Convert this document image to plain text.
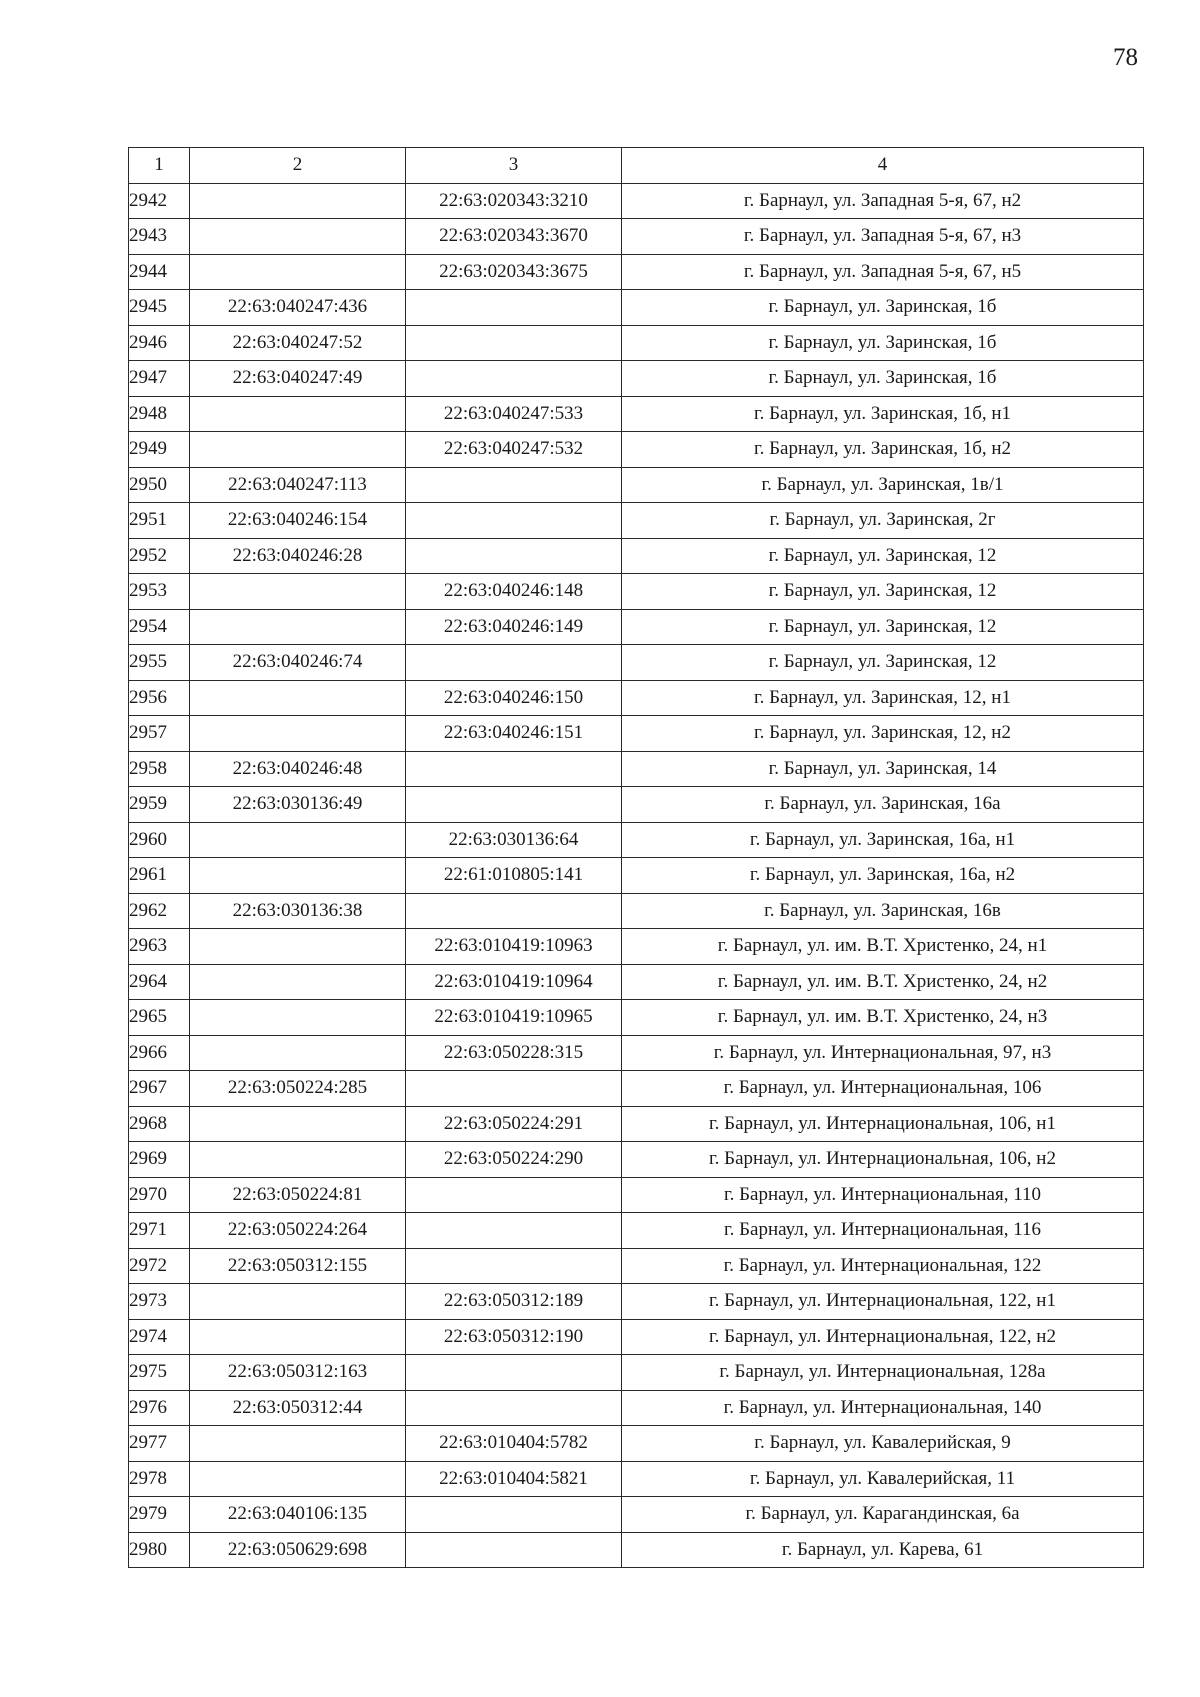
78
1	2	3	4
2942		22:63:020343:3210	г. Барнаул, ул. Западная 5-я, 67, н2
2943		22:63:020343:3670	г. Барнаул, ул. Западная 5-я, 67, н3
2944		22:63:020343:3675	г. Барнаул, ул. Западная 5-я, 67, н5
2945	22:63:040247:436		г. Барнаул, ул. Заринская, 1б
2946	22:63:040247:52		г. Барнаул, ул. Заринская, 1б
2947	22:63:040247:49		г. Барнаул, ул. Заринская, 1б
2948		22:63:040247:533	г. Барнаул, ул. Заринская, 1б, н1
2949		22:63:040247:532	г. Барнаул, ул. Заринская, 1б, н2
2950	22:63:040247:113		г. Барнаул, ул. Заринская, 1в/1
2951	22:63:040246:154		г. Барнаул, ул. Заринская, 2г
2952	22:63:040246:28		г. Барнаул, ул. Заринская, 12
2953		22:63:040246:148	г. Барнаул, ул. Заринская, 12
2954		22:63:040246:149	г. Барнаул, ул. Заринская, 12
2955	22:63:040246:74		г. Барнаул, ул. Заринская, 12
2956		22:63:040246:150	г. Барнаул, ул. Заринская, 12, н1
2957		22:63:040246:151	г. Барнаул, ул. Заринская, 12, н2
2958	22:63:040246:48		г. Барнаул, ул. Заринская, 14
2959	22:63:030136:49		г. Барнаул, ул. Заринская, 16а
2960		22:63:030136:64	г. Барнаул, ул. Заринская, 16а, н1
2961		22:61:010805:141	г. Барнаул, ул. Заринская, 16а, н2
2962	22:63:030136:38		г. Барнаул, ул. Заринская, 16в
2963		22:63:010419:10963	г. Барнаул, ул. им. В.Т. Христенко, 24, н1
2964		22:63:010419:10964	г. Барнаул, ул. им. В.Т. Христенко, 24, н2
2965		22:63:010419:10965	г. Барнаул, ул. им. В.Т. Христенко, 24, н3
2966		22:63:050228:315	г. Барнаул, ул. Интернациональная, 97, н3
2967	22:63:050224:285		г. Барнаул, ул. Интернациональная, 106
2968		22:63:050224:291	г. Барнаул, ул. Интернациональная, 106, н1
2969		22:63:050224:290	г. Барнаул, ул. Интернациональная, 106, н2
2970	22:63:050224:81		г. Барнаул, ул. Интернациональная, 110
2971	22:63:050224:264		г. Барнаул, ул. Интернациональная, 116
2972	22:63:050312:155		г. Барнаул, ул. Интернациональная, 122
2973		22:63:050312:189	г. Барнаул, ул. Интернациональная, 122, н1
2974		22:63:050312:190	г. Барнаул, ул. Интернациональная, 122, н2
2975	22:63:050312:163		г. Барнаул, ул. Интернациональная, 128а
2976	22:63:050312:44		г. Барнаул, ул. Интернациональная, 140
2977		22:63:010404:5782	г. Барнаул, ул. Кавалерийская, 9
2978		22:63:010404:5821	г. Барнаул, ул. Кавалерийская, 11
2979	22:63:040106:135		г. Барнаул, ул. Карагандинская, 6а
2980	22:63:050629:698		г. Барнаул, ул. Карева, 61
